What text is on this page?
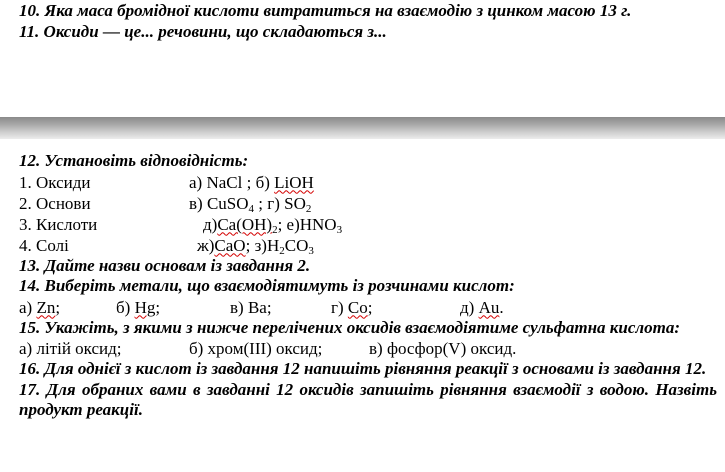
10. Яка маса бромідної кислоти витратиться на взаємодію з цинком масою 13 г.
11. Оксиди — це... речовини, що складаються з...
12. Установіть відповідність:
1. Оксиди	а) NaCl ; б) LiOH
2. Основи	в) CuSO$_4$ ; г) $SO_2$
3. Кислоти	$д)Ca(OH)_2$; $е)HNO_3$
4. Солі	ж)CaO; $з)H_2CO_3$
13. Дайте назви основам із завдання 2.
14. Виберіть метали, що взаємодіятимуть із розчинами кислот:
а) Zn;	б) Hg;	в) Ba;	г) Co;	д) Au.
15. Укажіть, з якими з нижче перелічених оксидів взаємодіятиме сульфатна кислота:
а) літій оксид;	б) хром(III) оксид;	в) фосфор(V) оксид.
16. Для однієї з кислот із завдання 12 напишіть рівняння реакції з основами із завдання 12.
17. Для обраних вами в завданні 12 оксидів запишіть рівняння взаємодії з водою. Назвіть продукт реакції.
